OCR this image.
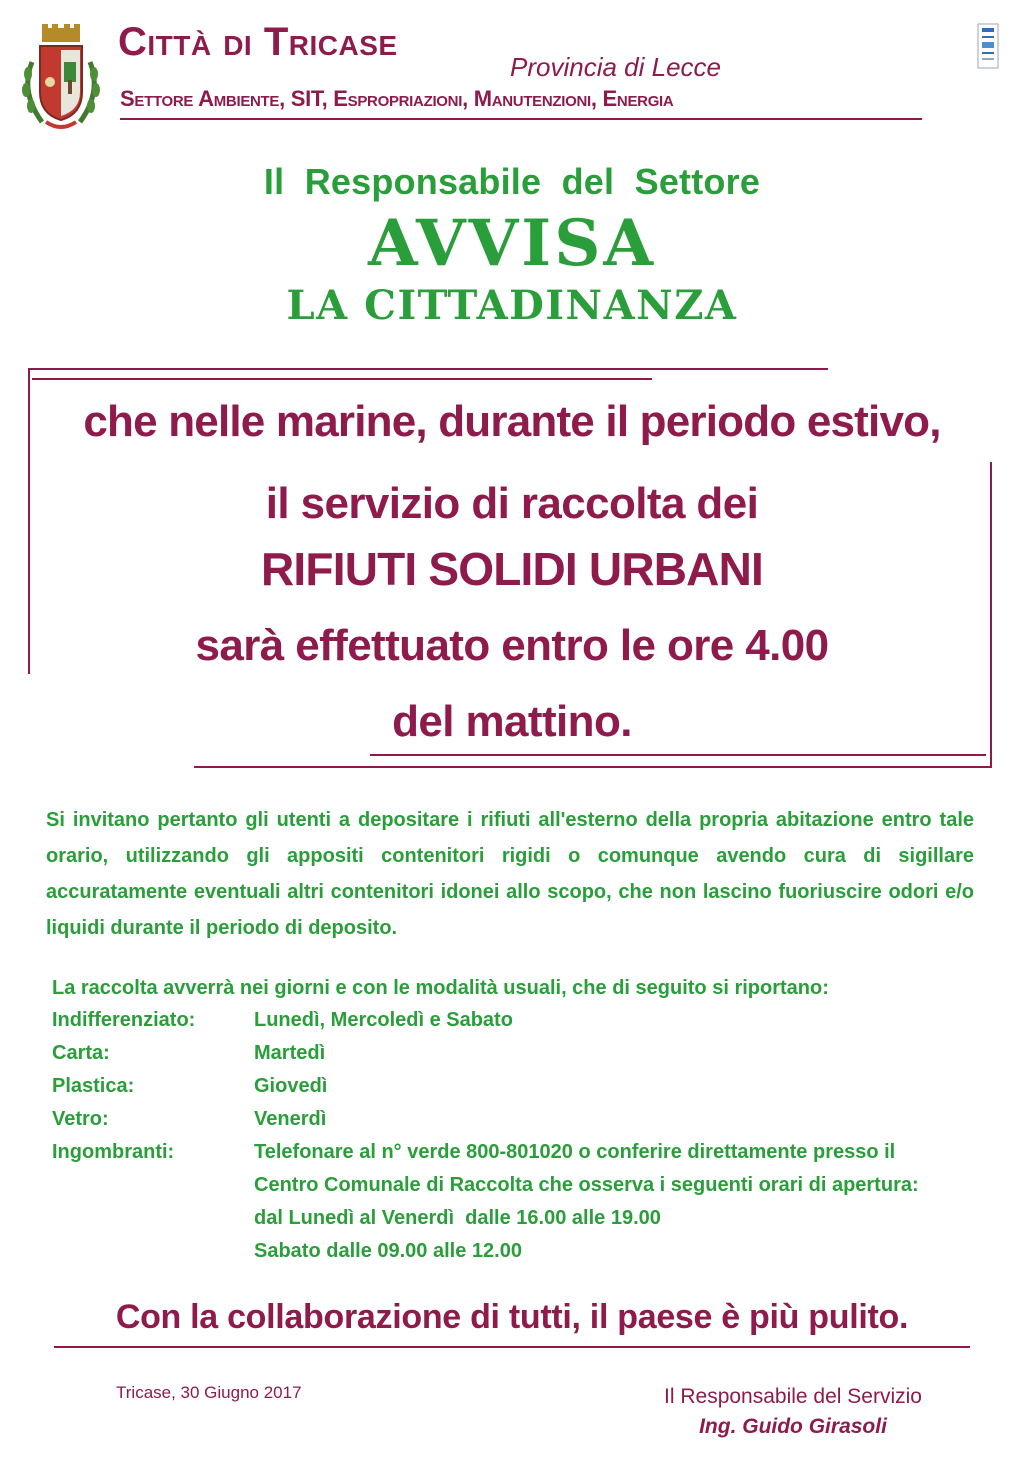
Città di Tricase
Provincia di Lecce
Settore Ambiente, SIT, Espropriazioni, Manutenzioni, Energia
Il  Responsabile  del  Settore
AVVISA
LA CITTADINANZA
che nelle marine, durante il periodo estivo,
il servizio di raccolta dei
RIFIUTI SOLIDI URBANI
sarà effettuato entro le ore 4.00
del mattino.
Si invitano pertanto gli utenti a depositare i rifiuti all'esterno della propria abitazione entro tale orario, utilizzando gli appositi contenitori rigidi o comunque avendo cura di sigillare accuratamente eventuali altri contenitori idonei allo scopo, che non lascino fuoriuscire odori e/o liquidi durante il periodo di deposito.
La raccolta avverrà nei giorni e con le modalità usuali, che di seguito si riportano:
Indifferenziato:	Lunedì, Mercoledì e Sabato
Carta:	Martedì
Plastica:	Giovedì
Vetro:	Venerdì
Ingombranti:	Telefonare al n° verde 800-801020 o conferire direttamente presso il
Centro Comunale di Raccolta che osserva i seguenti orari di apertura:
dal Lunedì al Venerdì  dalle 16.00 alle 19.00
Sabato dalle 09.00 alle 12.00
Con la collaborazione di tutti, il paese è più pulito.
Tricase, 30 Giugno 2017	Il Responsabile del Servizio
Ing. Guido Girasoli
